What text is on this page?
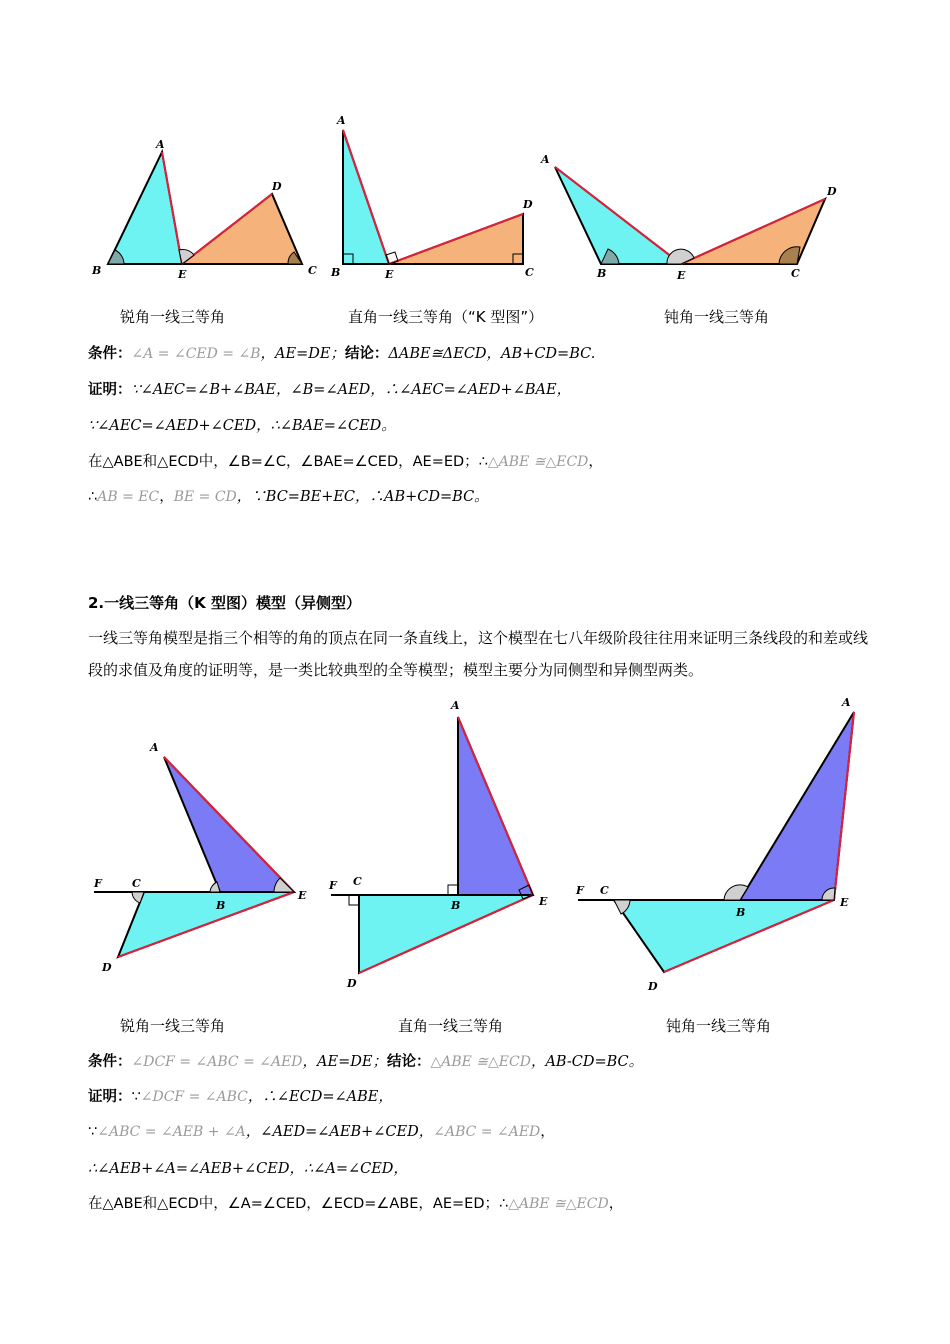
A
B	C
D
E
A
B	C
D
E
A
B	C
D
E
锐角一线三等角	直角一线三等角（“K 型图”）	钝角一线三等角
条件：∠A = ∠CED = ∠B，AE=DE；结论：ΔABE≅ΔECD，AB+CD=BC.
证明：∵∠AEC=∠B+∠BAE，∠B=∠AED，∴∠AEC=∠AED+∠BAE，
∵∠AEC=∠AED+∠CED，∴∠BAE=∠CED。
在△ABE和△ECD中，∠B=∠C，∠BAE=∠CED，AE=ED；∴△ABE ≅△ECD，
∴AB = EC，BE = CD，∵BC=BE+EC，∴AB+CD=BC。
2.一线三等角（K 型图）模型（异侧型）
一线三等角模型是指三个相等的角的顶点在同一条直线上，这个模型在七八年级阶段往往用来证明三条线段的和差或线段的求值及角度的证明等，是一类比较典型的全等模型；模型主要分为同侧型和异侧型两类。
A
B
C
D
E
F
A
B
C
D
E
F
A
B
C
D
E
F
锐角一线三等角	直角一线三等角	钝角一线三等角
条件：∠DCF = ∠ABC = ∠AED，AE=DE；结论：△ABE ≅△ECD，AB-CD=BC。
证明：∵∠DCF = ∠ABC，∴∠ECD=∠ABE，
∵∠ABC = ∠AEB + ∠A，∠AED=∠AEB+∠CED，∠ABC = ∠AED，
∴∠AEB+∠A=∠AEB+∠CED，∴∠A=∠CED，
在△ABE和△ECD中，∠A=∠CED，∠ECD=∠ABE，AE=ED；∴△ABE ≅△ECD，
